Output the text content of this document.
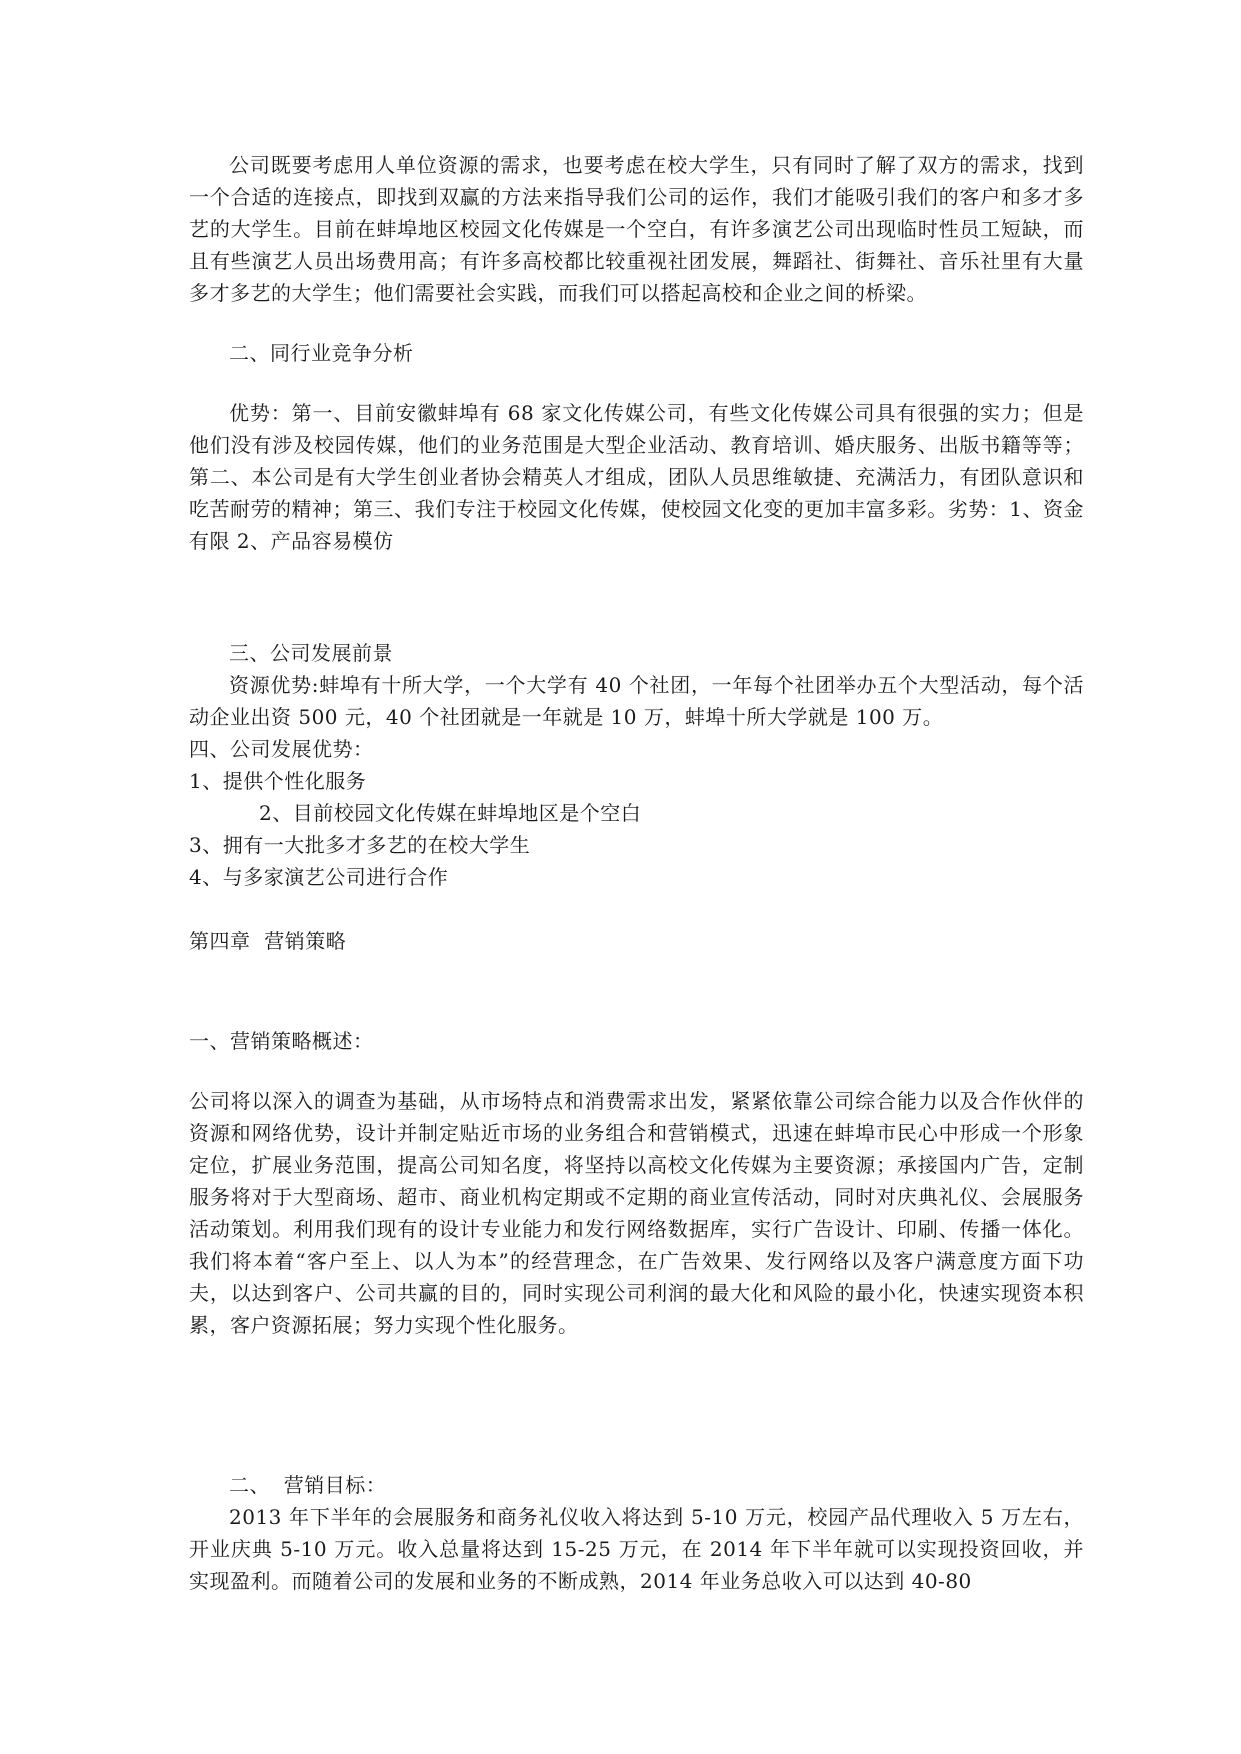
公司既要考虑用人单位资源的需求，也要考虑在校大学生，只有同时了解了双方的需求，找到一个合适的连接点，即找到双赢的方法来指导我们公司的运作，我们才能吸引我们的客户和多才多艺的大学生。目前在蚌埠地区校园文化传媒是一个空白，有许多演艺公司出现临时性员工短缺，而且有些演艺人员出场费用高；有许多高校都比较重视社团发展，舞蹈社、街舞社、音乐社里有大量多才多艺的大学生；他们需要社会实践，而我们可以搭起高校和企业之间的桥梁。

二、同行业竞争分析

优势：第一、目前安徽蚌埠有 68 家文化传媒公司，有些文化传媒公司具有很强的实力；但是他们没有涉及校园传媒，他们的业务范围是大型企业活动、教育培训、婚庆服务、出版书籍等等；第二、本公司是有大学生创业者协会精英人才组成，团队人员思维敏捷、充满活力，有团队意识和吃苦耐劳的精神；第三、我们专注于校园文化传媒，使校园文化变的更加丰富多彩。劣势：1、资金有限 2、产品容易模仿

三、公司发展前景

资源优势:蚌埠有十所大学，一个大学有 40 个社团，一年每个社团举办五个大型活动，每个活动企业出资 500 元，40 个社团就是一年就是 10 万，蚌埠十所大学就是 100 万。

四、公司发展优势：

1、提供个性化服务

2、目前校园文化传媒在蚌埠地区是个空白

3、拥有一大批多才多艺的在校大学生

4、与多家演艺公司进行合作

第四章  营销策略

一、营销策略概述：

公司将以深入的调查为基础，从市场特点和消费需求出发，紧紧依靠公司综合能力以及合作伙伴的资源和网络优势，设计并制定贴近市场的业务组合和营销模式，迅速在蚌埠市民心中形成一个形象定位，扩展业务范围，提高公司知名度，将坚持以高校文化传媒为主要资源；承接国内广告，定制服务将对于大型商场、超市、商业机构定期或不定期的商业宣传活动，同时对庆典礼仪、会展服务活动策划。利用我们现有的设计专业能力和发行网络数据库，实行广告设计、印刷、传播一体化。我们将本着“客户至上、以人为本”的经营理念，在广告效果、发行网络以及客户满意度方面下功夫，以达到客户、公司共赢的目的，同时实现公司利润的最大化和风险的最小化，快速实现资本积累，客户资源拓展；努力实现个性化服务。

二、  营销目标：

2013 年下半年的会展服务和商务礼仪收入将达到 5-10 万元，校园产品代理收入 5 万左右，开业庆典 5-10 万元。收入总量将达到 15-25 万元，在 2014 年下半年就可以实现投资回收，并实现盈利。而随着公司的发展和业务的不断成熟，2014 年业务总收入可以达到 40-80
